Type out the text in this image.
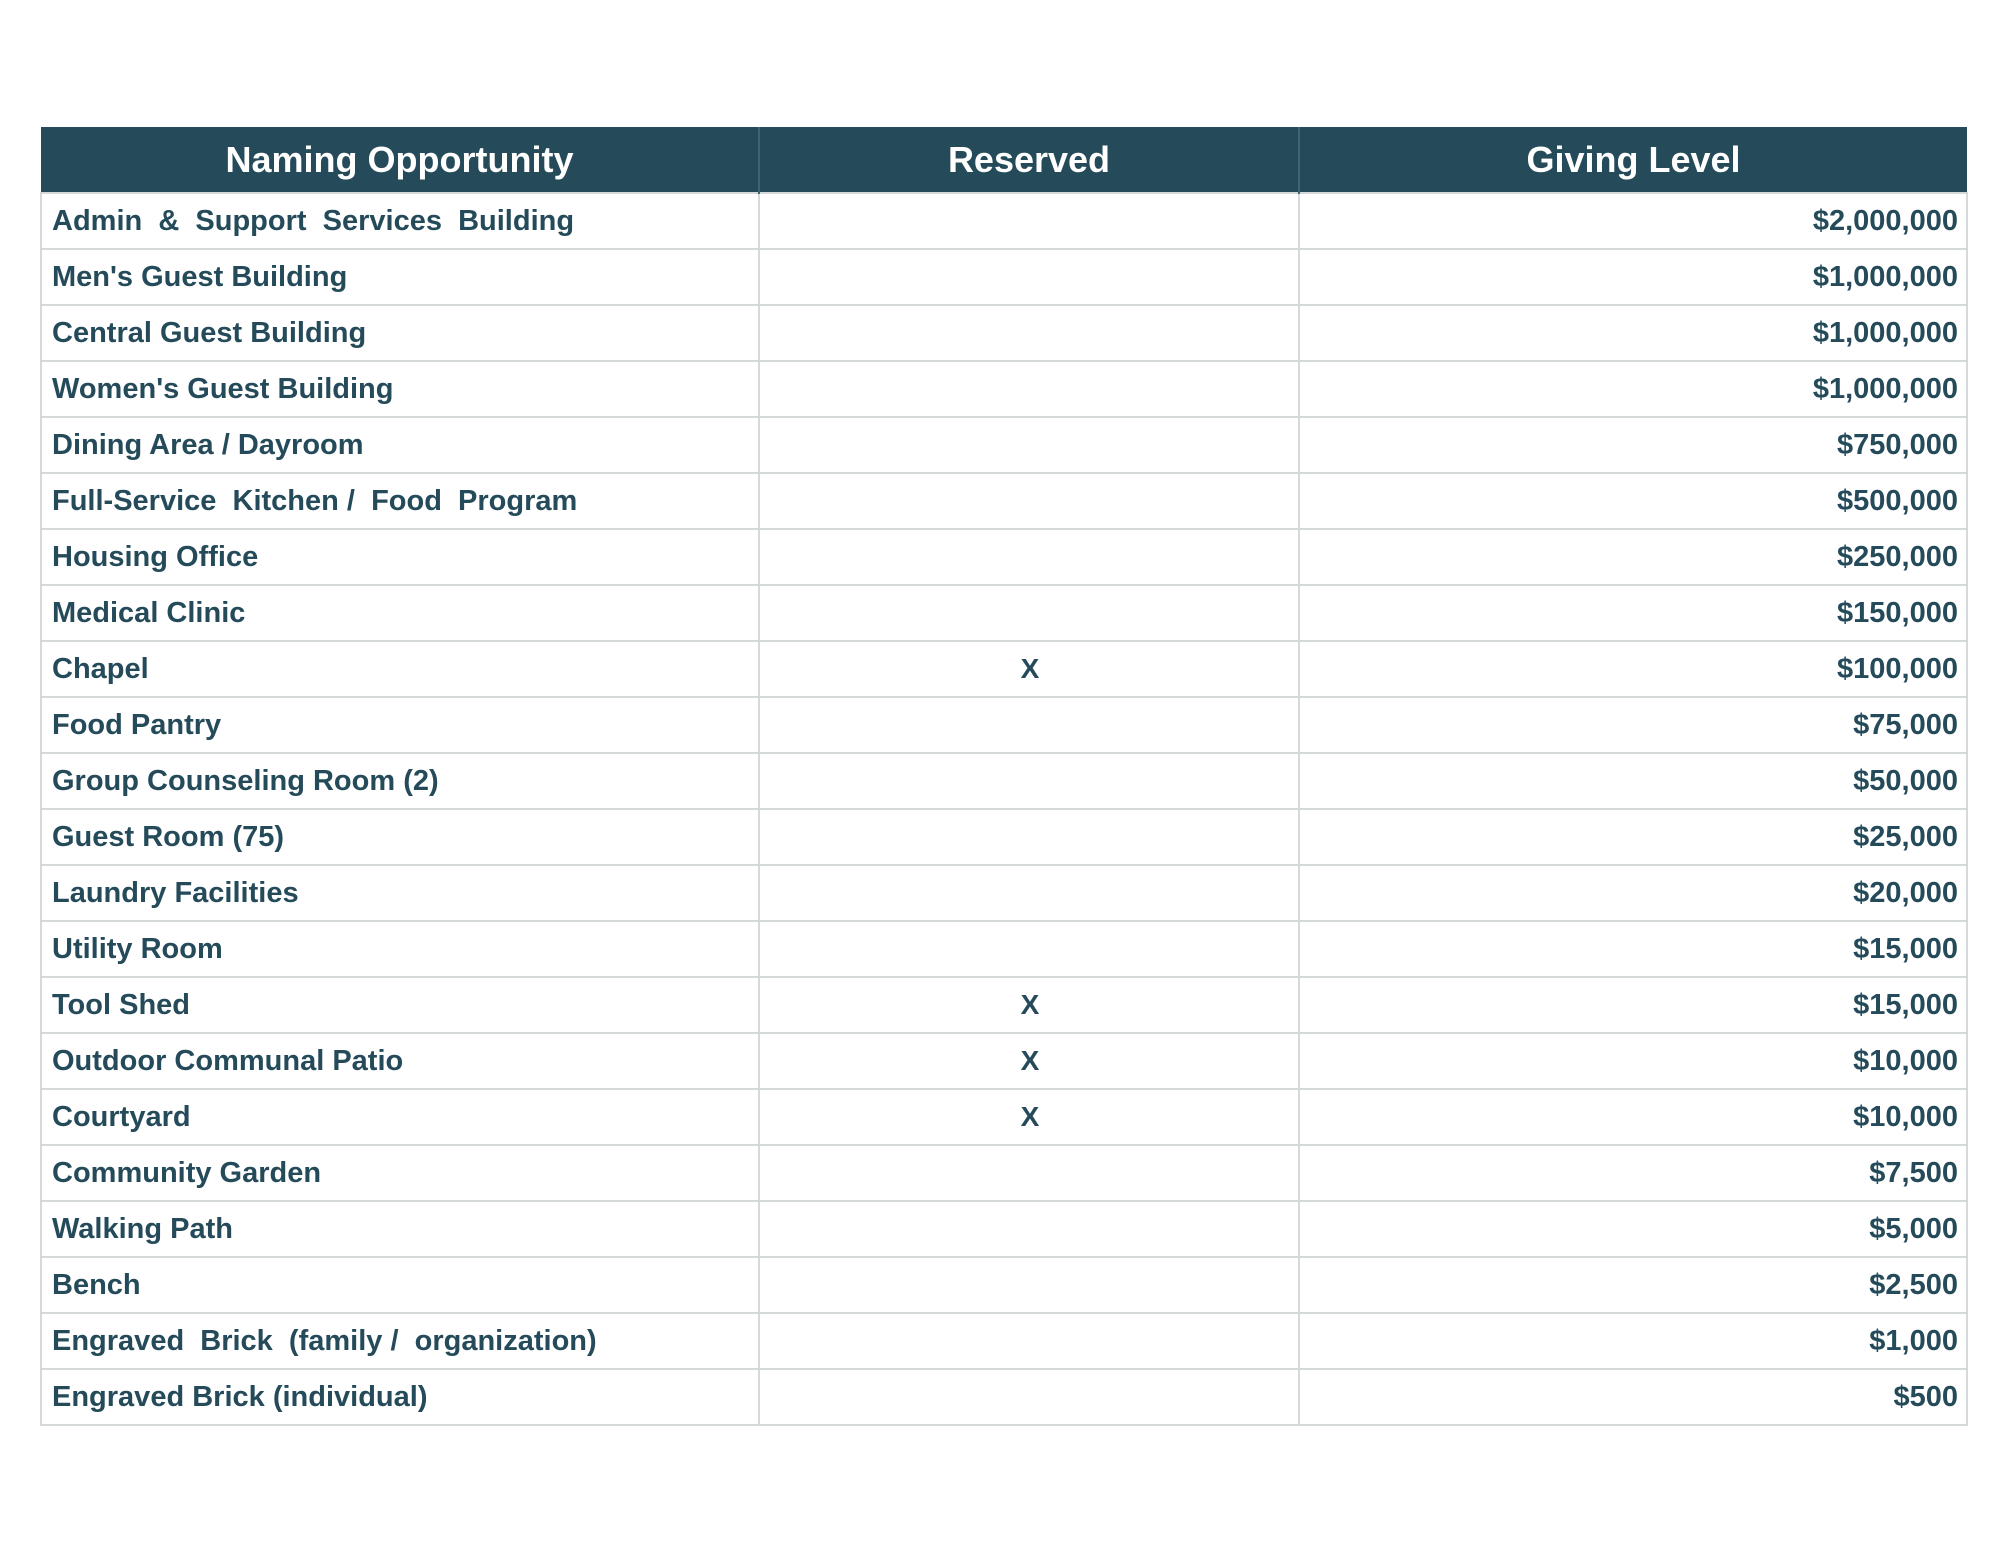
Naming Opportunity	Reserved	Giving Level
Admin  &  Support  Services  Building		$2,000,000
Men's Guest Building		$1,000,000
Central Guest Building		$1,000,000
Women's Guest Building		$1,000,000
Dining Area / Dayroom		$750,000
Full-Service  Kitchen /  Food  Program		$500,000
Housing Office		$250,000
Medical Clinic		$150,000
Chapel	X	$100,000
Food Pantry		$75,000
Group Counseling Room (2)		$50,000
Guest Room (75)		$25,000
Laundry Facilities		$20,000
Utility Room		$15,000
Tool Shed	X	$15,000
Outdoor Communal Patio	X	$10,000
Courtyard	X	$10,000
Community Garden		$7,500
Walking Path		$5,000
Bench		$2,500
Engraved  Brick  (family /  organization)		$1,000
Engraved Brick (individual)		$500
